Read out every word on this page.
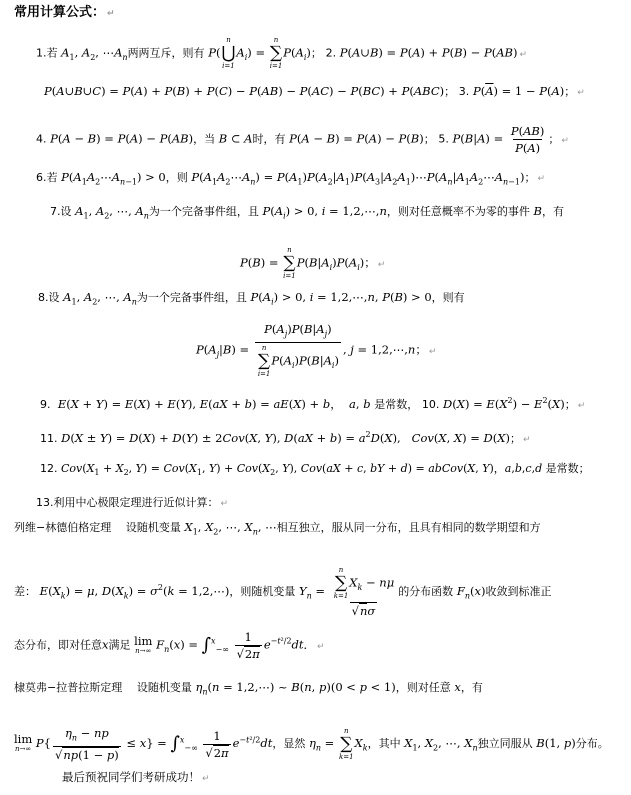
常用计算公式： ↵
1.若 $A_1$, $A_2$, $\cdots A_n$两两互斥，则有 P(
n
⋃
i=1
$A_i$) =
n
∑
i=1
$P(A_i)$； 2. P(A∪B) = P(A) + P(B) − P(AB) ↵
P(A∪B∪C) = P(A) + P(B) + P(C) − P(AB) − P(AC) − P(BC) + P(ABC)； 3. $P(\overline{A}) = 1 - P(A)$； ↵
4. P(A − B) = P(A) − P(AB)，当 B ⊂ A时，有 P(A − B) = P(A) − P(B)； 5. $P(B|A) = \frac{P(AB)}{P(A)}$ ； ↵
6.若 $P(A_1A_2\cdots A_{n-1}) > 0$，则 $P(A_1A_2\cdots A_n)$ = $P(A_1)P(A_2|A_1)P(A_3|A_2A_1)\cdots P(A_n|A_1A_2\cdots A_{n-1})$； ↵
7.设 $A_1$, $A_2$, ⋯, $A_n$为一个完备事件组，且 $P(A_i) > 0$, i = 1,2,⋯,n，则对任意概率不为零的事件 B，有
P(B) =
n
∑
i=1
$P(B|A_i)P(A_i)$； ↵
8.设 $A_1$, $A_2$, ⋯, $A_n$为一个完备事件组，且 $P(A_i) > 0$, i = 1,2,⋯,n, P(B) > 0，则有
$P(A_j|B) = P(A_j)P(B|A_j)$
n
∑
i=1
$P(A_i)P(B|A_i)$ , j = 1,2,⋯,n； ↵
9. E(X + Y) = E(X) + E(Y), E(aX + b) = aE(X) + b，  a, b 是常数， 10. $D(X) = E(X^2) - E^2(X)$； ↵
11. D(X ± Y) = D(X) + D(Y) ± 2Cov(X, Y), $D(aX + b) = a^2D(X)$,   Cov(X, X) = D(X)； ↵
12. $Cov(X_1 + X_2$, $Y) = Cov(X_1$, $Y) + Cov(X_2$, Y), Cov(aX + c, bY + d) = abCov(X, Y)，a,b,c,d 是常数；
13.利用中心极限定理进行近似计算： ↵
列维−林德伯格定理 设随机变量 $X_1$, $X_2$, ⋯, $X_n$, ⋯相互独立，服从同一分布，且具有相同的数学期望和方
差： $E(X_k) = \mu$, $D(X_k) = \sigma^2(k$ = 1,2,⋯)，则随机变量 $Y_n = n$
∑
k=1
$X_k - n\mu$
√nσ 的分布函数 $F_n(x)$收敛到标准正
态分布，即对任意x满足 lim
n→∞ $F_n(x) = \int^x_{-\infty} \frac{1}{√2\pi} e^{-t^2/2}dt$． ↵
棣莫弗−拉普拉斯定理 设随机变量 $\eta_n(n$ = 1,2,⋯) ~ B(n, p)(0 < p < 1)，则对任意 x，有
lim
n→∞ $P\{ \frac{\eta_n - np}{√np(1 - p)} \le x\} = \int^x_{-\infty} \frac{1}{√2\pi} e^{-t^2/2}dt$，显然 $\eta_n$ =
n
∑
k=1
$X_k$，其中 $X_1$, $X_2$, ⋯, $X_n$独立同服从 B(1, p)分布。
最后预祝同学们考研成功！ ↵
